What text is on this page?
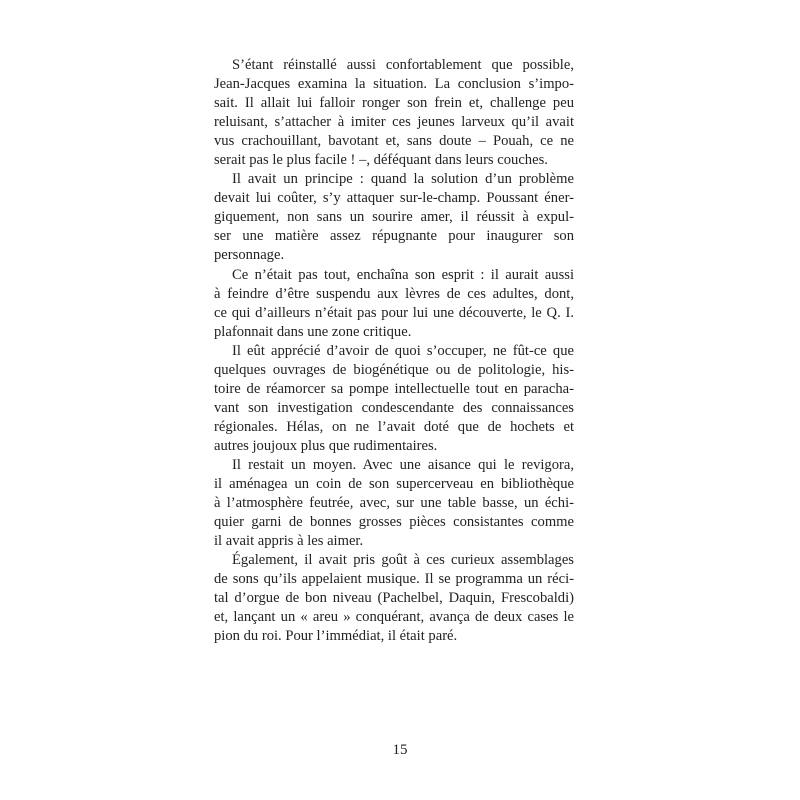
S’étant réinstallé aussi confortablement que possible,
Jean-Jacques examina la situation. La conclusion s’impo-
sait. Il allait lui falloir ronger son frein et, challenge peu
reluisant, s’attacher à imiter ces jeunes larveux qu’il avait
vus crachouillant, bavotant et, sans doute – Pouah, ce ne
serait pas le plus facile ! –, déféquant dans leurs couches.
Il avait un principe : quand la solution d’un problème
devait lui coûter, s’y attaquer sur-le-champ. Poussant éner-
giquement, non sans un sourire amer, il réussit à expul-
ser une matière assez répugnante pour inaugurer son
personnage.
Ce n’était pas tout, enchaîna son esprit : il aurait aussi
à feindre d’être suspendu aux lèvres de ces adultes, dont,
ce qui d’ailleurs n’était pas pour lui une découverte, le Q. I.
plafonnait dans une zone critique.
Il eût apprécié d’avoir de quoi s’occuper, ne fût-ce que
quelques ouvrages de biogénétique ou de politologie, his-
toire de réamorcer sa pompe intellectuelle tout en paracha-
vant son investigation condescendante des connaissances
régionales. Hélas, on ne l’avait doté que de hochets et
autres joujoux plus que rudimentaires.
Il restait un moyen. Avec une aisance qui le revigora,
il aménagea un coin de son supercerveau en bibliothèque
à l’atmosphère feutrée, avec, sur une table basse, un échi-
quier garni de bonnes grosses pièces consistantes comme
il avait appris à les aimer.
Également, il avait pris goût à ces curieux assemblages
de sons qu’ils appelaient musique. Il se programma un réci-
tal d’orgue de bon niveau (Pachelbel, Daquin, Frescobaldi)
et, lançant un « areu » conquérant, avança de deux cases le
pion du roi. Pour l’immédiat, il était paré.
15
